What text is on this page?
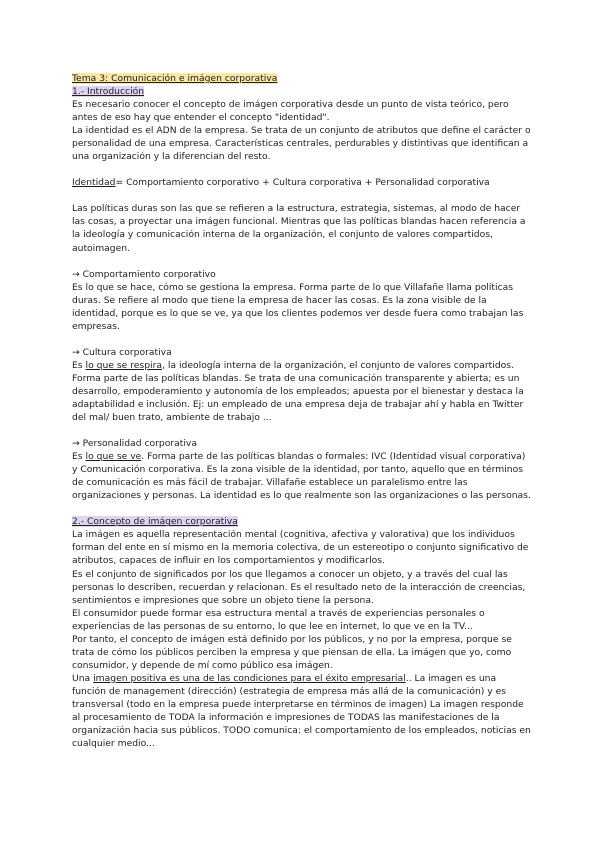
Tema 3: Comunicación e imágen corporativa

1.- Introducción

Es necesario conocer el concepto de imágen corporativa desde un punto de vista teórico, pero antes de eso hay que entender el concepto "identidad".

La identidad es el ADN de la empresa. Se trata de un conjunto de atributos que define el carácter o personalidad de una empresa. Características centrales, perdurables y distintivas que identifican a una organización y la diferencian del resto.

Identidad= Comportamiento corporativo + Cultura corporativa + Personalidad corporativa

Las políticas duras son las que se refieren a la estructura, estrategia, sistemas, al modo de hacer las cosas, a proyectar una imágen funcional. Mientras que las políticas blandas hacen referencia a la ideología y comunicación interna de la organización, el conjunto de valores compartidos, autoimagen.

→ Comportamiento corporativo

Es lo que se hace, cómo se gestiona la empresa. Forma parte de lo que Villafañe llama políticas duras. Se refiere al modo que tiene la empresa de hacer las cosas. Es la zona visible de la identidad, porque es lo que se ve, ya que los clientes podemos ver desde fuera como trabajan las empresas.

→ Cultura corporativa

Es lo que se respira, la ideología interna de la organización, el conjunto de valores compartidos. Forma parte de las políticas blandas. Se trata de una comunicación transparente y abierta; es un desarrollo, empoderamiento y autonomía de los empleados; apuesta por el bienestar y destaca la adaptabilidad e inclusión. Ej: un empleado de una empresa deja de trabajar ahí y habla en Twitter del mal/ buen trato, ambiente de trabajo ...

→ Personalidad corporativa

Es lo que se ve. Forma parte de las políticas blandas o formales: IVC (Identidad visual corporativa) y Comunicación corporativa. Es la zona visible de la identidad, por tanto, aquello que en términos de comunicación es más fácil de trabajar. Villafañe establece un paralelismo entre las organizaciones y personas. La identidad es lo que realmente son las organizaciones o las personas.

2.- Concepto de imágen corporativa

La imágen es aquella representación mental (cognitiva, afectiva y valorativa) que los individuos forman del ente en sí mismo en la memoria colectiva, de un estereotipo o conjunto significativo de atributos, capaces de influir en los comportamientos y modificarlos.

Es el conjunto de significados por los que llegamos a conocer un objeto, y a través del cual las personas lo describen, recuerdan y relacionan. Es el resultado neto de la interacción de creencias, sentimientos e impresiones que sobre un objeto tiene la persona.

El consumidor puede formar esa estructura mental a través de experiencias personales o experiencias de las personas de su entorno, lo que lee en internet, lo que ve en la TV...

Por tanto, el concepto de imágen está definido por los públicos, y no por la empresa, porque se trata de cómo los públicos perciben la empresa y que piensan de ella. La imágen que yo, como consumidor, y depende de mí como público esa imágen.

Una imagen positiva es una de las condiciones para el éxito empresarial.. La imagen es una función de management (dirección) (estrategia de empresa más allá de la comunicación) y es transversal (todo en la empresa puede interpretarse en términos de imagen) La imagen responde al procesamiento de TODA la información e impresiones de TODAS las manifestaciones de la organización hacia sus públicos. TODO comunica: el comportamiento de los empleados, noticias en cualquier medio...
